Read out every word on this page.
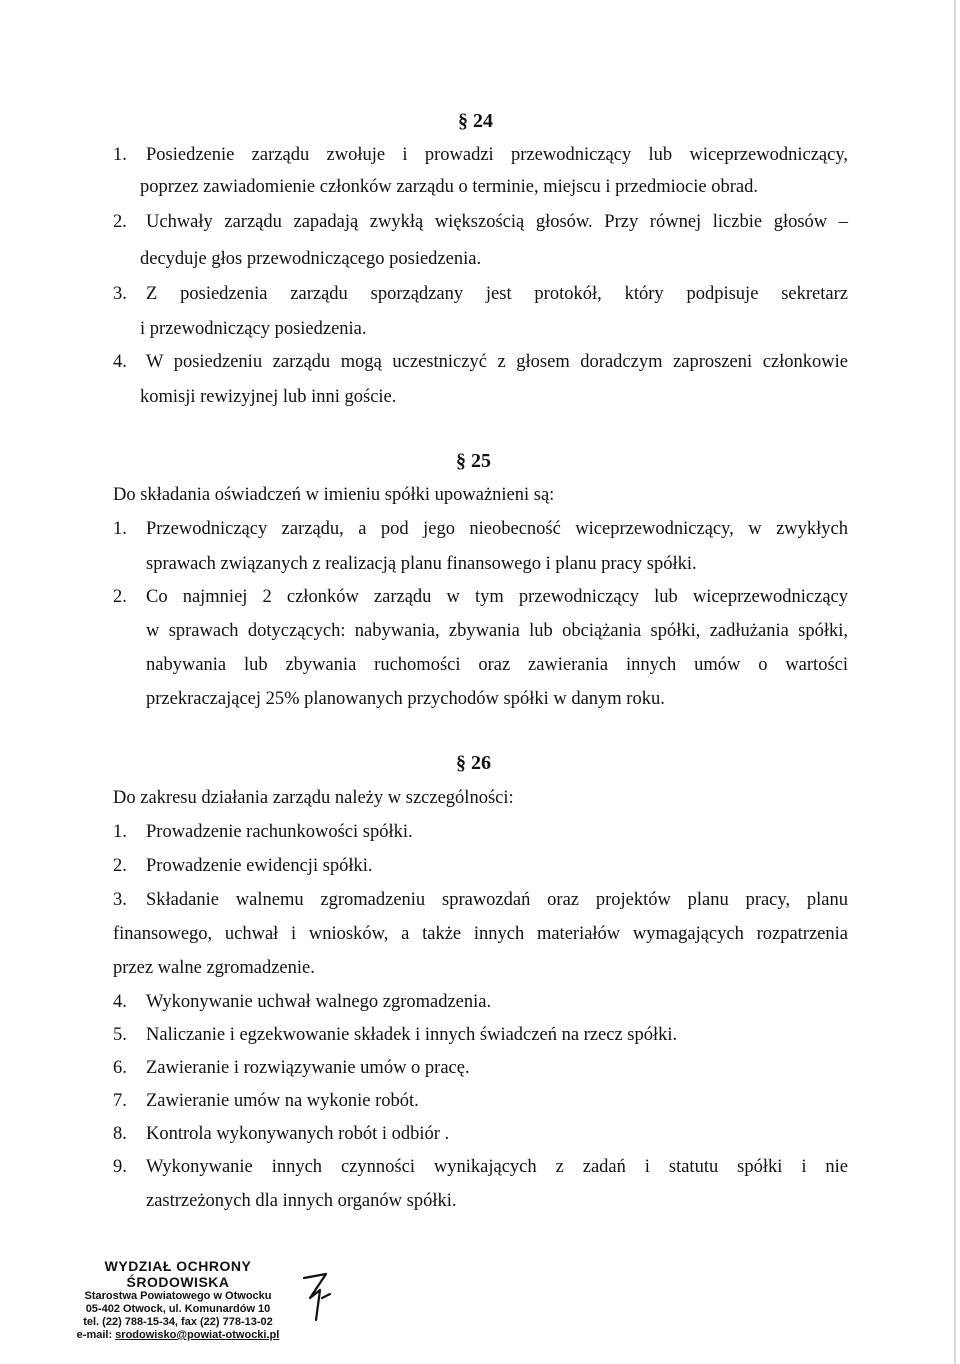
§ 24
1. Posiedzenie zarządu zwołuje i prowadzi przewodniczący lub wiceprzewodniczący,
poprzez zawiadomienie członków zarządu o terminie, miejscu i przedmiocie obrad.
2. Uchwały zarządu zapadają zwykłą większością głosów. Przy równej liczbie głosów –
decyduje głos przewodniczącego posiedzenia.
3. Z posiedzenia zarządu sporządzany jest protokół, który podpisuje sekretarz
i przewodniczący posiedzenia.
4. W posiedzeniu zarządu mogą uczestniczyć z głosem doradczym zaproszeni członkowie
komisji rewizyjnej lub inni goście.
§ 25
Do składania oświadczeń w imieniu spółki upoważnieni są:
1. Przewodniczący zarządu, a pod jego nieobecność wiceprzewodniczący, w zwykłych
sprawach związanych z realizacją planu finansowego i planu pracy spółki.
2. Co najmniej 2 członków zarządu w tym przewodniczący lub wiceprzewodniczący
w sprawach dotyczących: nabywania, zbywania lub obciążania spółki, zadłużania spółki,
nabywania lub zbywania ruchomości oraz zawierania innych umów o wartości
przekraczającej 25% planowanych przychodów spółki w danym roku.
§ 26
Do zakresu działania zarządu należy w szczególności:
1. Prowadzenie rachunkowości spółki.
2. Prowadzenie ewidencji spółki.
3. Składanie walnemu zgromadzeniu sprawozdań oraz projektów planu pracy, planu
finansowego, uchwał i wniosków, a także innych materiałów wymagających rozpatrzenia
przez walne zgromadzenie.
4. Wykonywanie uchwał walnego zgromadzenia.
5. Naliczanie i egzekwowanie składek i innych świadczeń na rzecz spółki.
6. Zawieranie i rozwiązywanie umów o pracę.
7. Zawieranie umów na wykonie robót.
8. Kontrola wykonywanych robót i odbiór .
9. Wykonywanie innych czynności wynikających z zadań i statutu spółki i nie
zastrzeżonych dla innych organów spółki.
WYDZIAŁ OCHRONY
ŚRODOWISKA
Starostwa Powiatowego w Otwocku
05-402 Otwock, ul. Komunardów 10
tel. (22) 788-15-34, fax (22) 778-13-02
e-mail: srodowisko@powiat-otwocki.pl
